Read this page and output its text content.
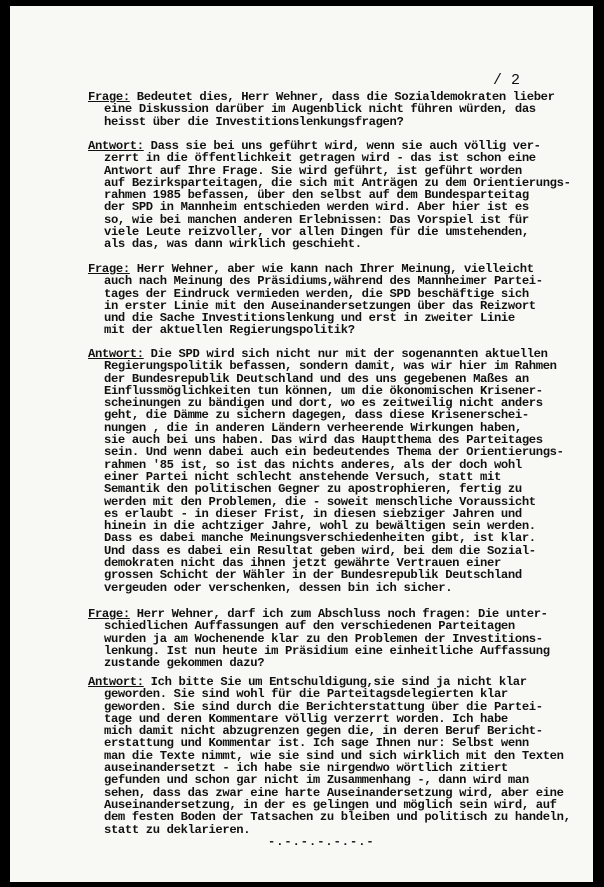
/ 2
Frage: Bedeutet dies, Herr Wehner, dass die Sozialdemokraten lieber
eine Diskussion darüber im Augenblick nicht führen würden, das
heisst über die Investitionslenkungsfragen?
Antwort: Dass sie bei uns geführt wird, wenn sie auch völlig ver-
zerrt in die öffentlichkeit getragen wird - das ist schon eine
Antwort auf Ihre Frage. Sie wird geführt, ist geführt worden
auf Bezirksparteitagen, die sich mit Anträgen zu dem Orientierungs-
rahmen 1985 befassen, über den selbst auf dem Bundesparteitag
der SPD in Mannheim entschieden werden wird. Aber hier ist es
so, wie bei manchen anderen Erlebnissen: Das Vorspiel ist für
viele Leute reizvoller, vor allen Dingen für die umstehenden,
als das, was dann wirklich geschieht.
Frage: Herr Wehner, aber wie kann nach Ihrer Meinung, vielleicht
auch nach Meinung des Präsidiums,während des Mannheimer Partei-
tages der Eindruck vermieden werden, die SPD beschäftige sich
in erster Linie mit den Auseinandersetzungen über das Reizwort
und die Sache Investitionslenkung und erst in zweiter Linie
mit der aktuellen Regierungspolitik?
Antwort: Die SPD wird sich nicht nur mit der sogenannten aktuellen
Regierungspolitik befassen, sondern damit, was wir hier im Rahmen
der Bundesrepublik Deutschland und des uns gegebenen Maßes an
Einflussmöglichkeiten tun können, um die ökonomischen Krisener-
scheinungen zu bändigen und dort, wo es zeitweilig nicht anders
geht, die Dämme zu sichern dagegen, dass diese Krisenerschei-
nungen , die in anderen Ländern verheerende Wirkungen haben,
sie auch bei uns haben. Das wird das Hauptthema des Parteitages
sein. Und wenn dabei auch ein bedeutendes Thema der Orientierungs-
rahmen '85 ist, so ist das nichts anderes, als der doch wohl
einer Partei nicht schlecht anstehende Versuch, statt mit
Semantik den politischen Gegner zu apostrophieren, fertig zu
werden mit den Problemen, die - soweit menschliche Voraussicht
es erlaubt - in dieser Frist, in diesen siebziger Jahren und
hinein in die achtziger Jahre, wohl zu bewältigen sein werden.
Dass es dabei manche Meinungsverschiedenheiten gibt, ist klar.
Und dass es dabei ein Resultat geben wird, bei dem die Sozial-
demokraten nicht das ihnen jetzt gewährte Vertrauen einer
grossen Schicht der Wähler in der Bundesrepublik Deutschland
vergeuden oder verschenken, dessen bin ich sicher.
Frage: Herr Wehner, darf ich zum Abschluss noch fragen: Die unter-
schiedlichen Auffassungen auf den verschiedenen Parteitagen
wurden ja am Wochenende klar zu den Problemen der Investitions-
lenkung. Ist nun heute im Präsidium eine einheitliche Auffassung
zustande gekommen dazu?
Antwort: Ich bitte Sie um Entschuldigung,sie sind ja nicht klar
geworden. Sie sind wohl für die Parteitagsdelegierten klar
geworden. Sie sind durch die Berichterstattung über die Partei-
tage und deren Kommentare völlig verzerrt worden. Ich habe
mich damit nicht abzugrenzen gegen die, in deren Beruf Bericht-
erstattung und Kommentar ist. Ich sage Ihnen nur: Selbst wenn
man die Texte nimmt, wie sie sind und sich wirklich mit den Texten
auseinandersetzt - ich habe sie nirgendwo wörtlich zitiert
gefunden und schon gar nicht im Zusammenhang -, dann wird man
sehen, dass das zwar eine harte Auseinandersetzung wird, aber eine
Auseinandersetzung, in der es gelingen und möglich sein wird, auf
dem festen Boden der Tatsachen zu bleiben und politisch zu handeln,
statt zu deklarieren.
-.-.-.-.-.-.-
